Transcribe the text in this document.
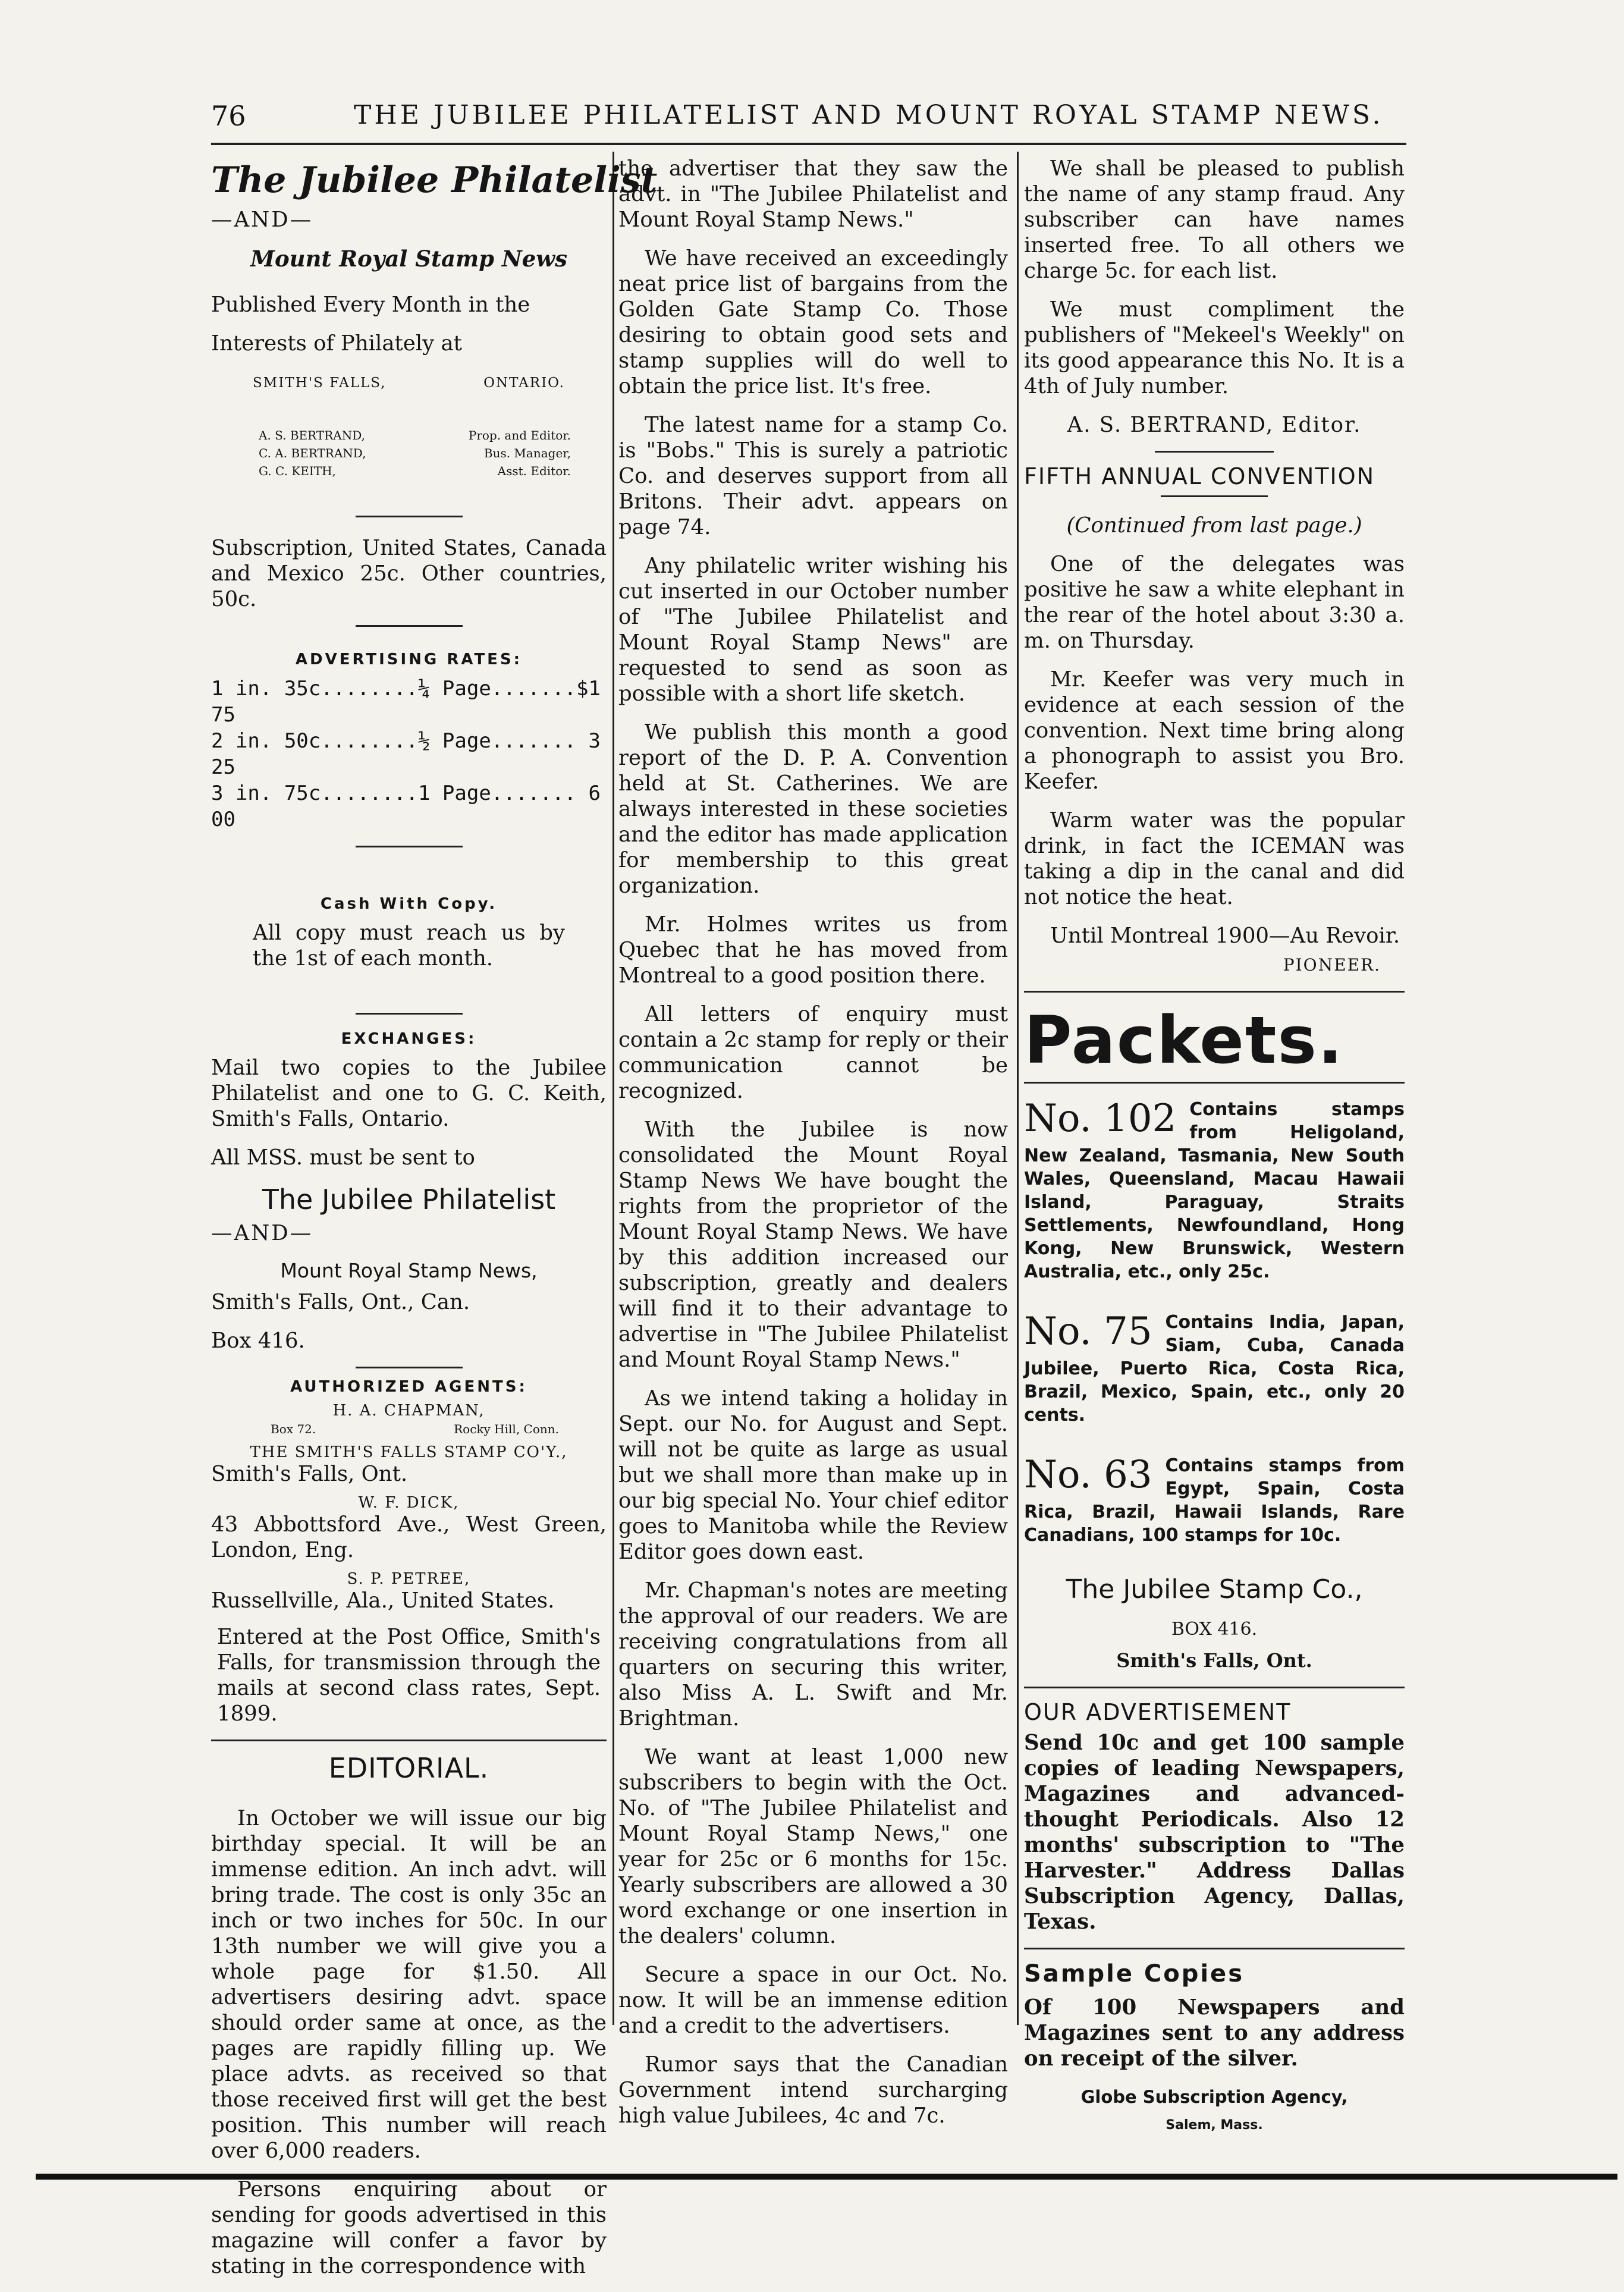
76	THE JUBILEE PHILATELIST AND MOUNT ROYAL STAMP NEWS.
The Jubilee Philatelist

—AND—

Mount Royal Stamp News

Published Every Month in the

Interests of Philately at

SMITH'S FALLS,	ONTARIO.
A. S. BERTRAND,	Prop. and Editor.
C. A. BERTRAND,	Bus. Manager,
G. C. KEITH,	Asst. Editor.

Subscription, United States, Canada and Mexico 25c. Other countries, 50c.

ADVERTISING RATES:
1 in. 35c........¼ Page.......$1 75
2 in. 50c........½ Page....... 3 25
3 in. 75c........1 Page....... 6 00
Cash With Copy.

All copy must reach us by the 1st of each month.

EXCHANGES:

Mail two copies to the Jubilee Philatelist and one to G. C. Keith, Smith's Falls, Ontario.

All MSS. must be sent to

The Jubilee Philatelist

—AND—

Mount Royal Stamp News,

Smith's Falls, Ont., Can.

Box 416.

AUTHORIZED AGENTS:
H. A. CHAPMAN,
Box 72.	Rocky Hill, Conn.
THE SMITH'S FALLS STAMP CO'Y.,

Smith's Falls, Ont.

W. F. DICK,

43 Abbottsford Ave., West Green, London, Eng.

S. P. PETREE,

Russellville, Ala., United States.

Entered at the Post Office, Smith's Falls, for transmission through the mails at second class rates, Sept. 1899.

EDITORIAL.

In October we will issue our big birthday special. It will be an immense edition. An inch advt. will bring trade. The cost is only 35c an inch or two inches for 50c. In our 13th number we will give you a whole page for $1.50. All advertisers desiring advt. space should order same at once, as the pages are rapidly filling up. We place advts. as received so that those received first will get the best position. This number will reach over 6,000 readers.

Persons enquiring about or sending for goods advertised in this magazine will confer a favor by stating in the correspondence with

the advertiser that they saw the advt. in "The Jubilee Philatelist and Mount Royal Stamp News."

We have received an exceedingly neat price list of bargains from the Golden Gate Stamp Co. Those desiring to obtain good sets and stamp supplies will do well to obtain the price list. It's free.

The latest name for a stamp Co. is "Bobs." This is surely a patriotic Co. and deserves support from all Britons. Their advt. appears on page 74.

Any philatelic writer wishing his cut inserted in our October number of "The Jubilee Philatelist and Mount Royal Stamp News" are requested to send as soon as possible with a short life sketch.

We publish this month a good report of the D. P. A. Convention held at St. Catherines. We are always interested in these societies and the editor has made application for membership to this great organization.

Mr. Holmes writes us from Quebec that he has moved from Montreal to a good position there.

All letters of enquiry must contain a 2c stamp for reply or their communication cannot be recognized.

With the Jubilee is now consolidated the Mount Royal Stamp News We have bought the rights from the proprietor of the Mount Royal Stamp News. We have by this addition increased our subscription, greatly and dealers will find it to their advantage to advertise in "The Jubilee Philatelist and Mount Royal Stamp News."

As we intend taking a holiday in Sept. our No. for August and Sept. will not be quite as large as usual but we shall more than make up in our big special No. Your chief editor goes to Manitoba while the Review Editor goes down east.

Mr. Chapman's notes are meeting the approval of our readers. We are receiving congratulations from all quarters on securing this writer, also Miss A. L. Swift and Mr. Brightman.

We want at least 1,000 new subscribers to begin with the Oct. No. of "The Jubilee Philatelist and Mount Royal Stamp News," one year for 25c or 6 months for 15c. Yearly subscribers are allowed a 30 word exchange or one insertion in the dealers' column.

Secure a space in our Oct. No. now. It will be an immense edition and a credit to the advertisers.

Rumor says that the Canadian Government intend surcharging high value Jubilees, 4c and 7c.

We shall be pleased to publish the name of any stamp fraud. Any subscriber can have names inserted free. To all others we charge 5c. for each list.

We must compliment the publishers of "Mekeel's Weekly" on its good appearance this No. It is a 4th of July number.

A. S. BERTRAND, Editor.

FIFTH ANNUAL CONVENTION

(Continued from last page.)

One of the delegates was positive he saw a white elephant in the rear of the hotel about 3:30 a. m. on Thursday.

Mr. Keefer was very much in evidence at each session of the convention. Next time bring along a phonograph to assist you Bro. Keefer.

Warm water was the popular drink, in fact the ICEMAN was taking a dip in the canal and did not notice the heat.

Until Montreal 1900—Au Revoir.

PIONEER.

Packets.
No. 102 Contains stamps from Heligoland, New Zealand, Tasmania, New South Wales, Queensland, Macau Hawaii Island, Paraguay, Straits Settlements, Newfoundland, Hong Kong, New Brunswick, Western Australia, etc., only 25c.
No. 75 Contains India, Japan, Siam, Cuba, Canada Jubilee, Puerto Rica, Costa Rica, Brazil, Mexico, Spain, etc., only 20 cents.
No. 63 Contains stamps from Egypt, Spain, Costa Rica, Brazil, Hawaii Islands, Rare Canadians, 100 stamps for 10c.
The Jubilee Stamp Co.,

BOX 416.

Smith's Falls, Ont.

OUR ADVERTISEMENT

Send 10c and get 100 sample copies of leading Newspapers, Magazines and advanced-thought Periodicals. Also 12 months' subscription to "The Harvester." Address Dallas Subscription Agency, Dallas, Texas.

Sample Copies

Of 100 Newspapers and Magazines sent to any address on receipt of the silver.

Globe Subscription Agency,

Salem, Mass.
